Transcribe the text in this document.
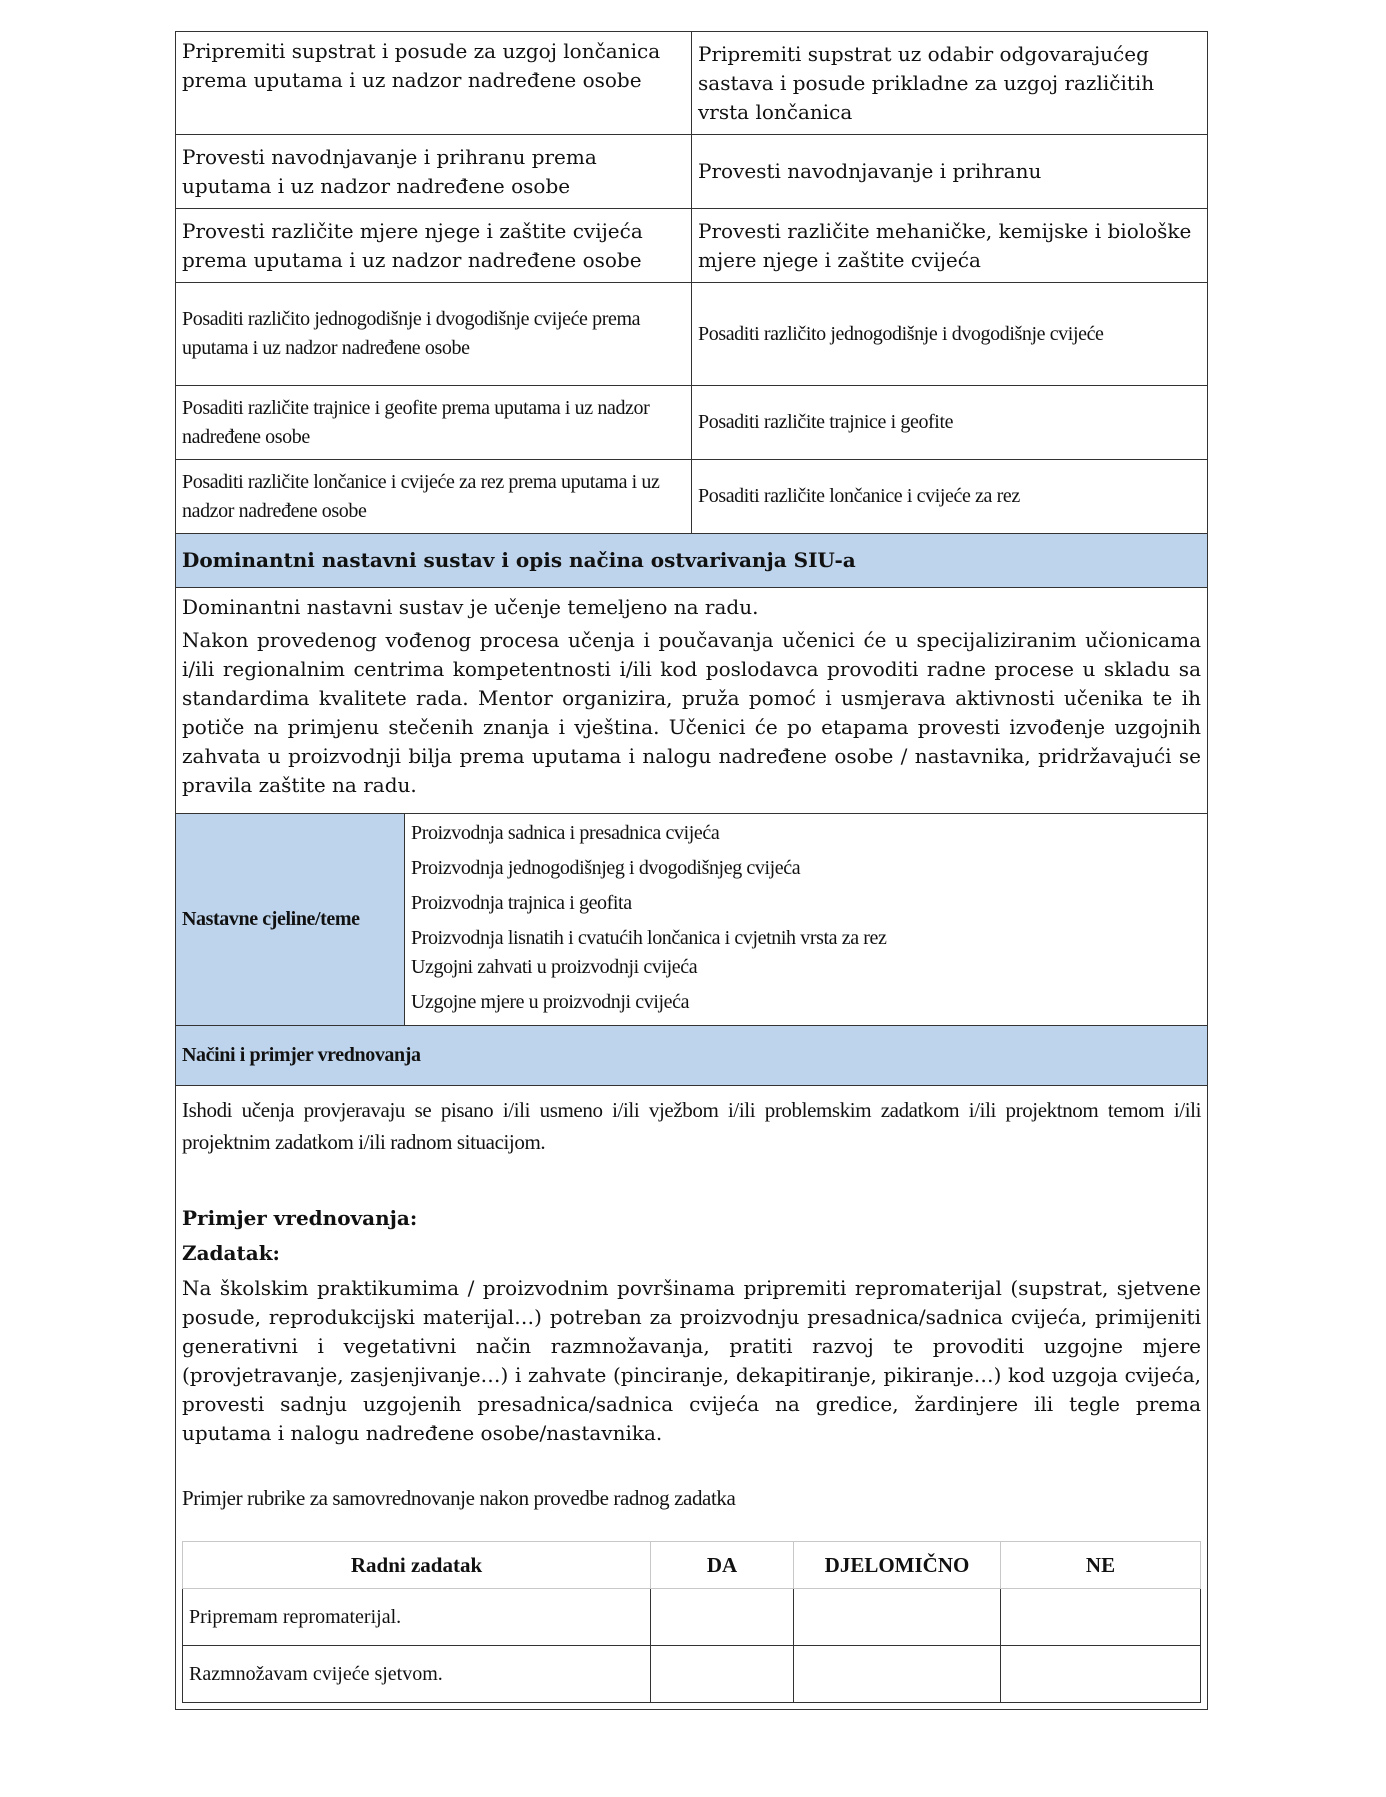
Pripremiti supstrat i posude za uzgoj lončanica prema uputama i uz nadzor nadređene osobe	Pripremiti supstrat uz odabir odgovarajućeg sastava i posude prikladne za uzgoj različitih vrsta lončanica
Provesti navodnjavanje i prihranu prema uputama i uz nadzor nadređene osobe	Provesti navodnjavanje i prihranu
Provesti različite mjere njege i zaštite cvijeća prema uputama i uz nadzor nadređene osobe	Provesti različite mehaničke, kemijske i biološke mjere njege i zaštite cvijeća
Posaditi različito jednogodišnje i dvogodišnje cvijeće prema uputama i uz nadzor nadređene osobe	Posaditi različito jednogodišnje i dvogodišnje cvijeće
Posaditi različite trajnice i geofite prema uputama i uz nadzor nadređene osobe	Posaditi različite trajnice i geofite
Posaditi različite lončanice i cvijeće za rez prema uputama i uz nadzor nadređene osobe	Posaditi različite lončanice i cvijeće za rez
Dominantni nastavni sustav i opis načina ostvarivanja SIU-a

Dominantni nastavni sustav je učenje temeljeno na radu.

Nakon provedenog vođenog procesa učenja i poučavanja učenici će u specijaliziranim učionicama i/ili regionalnim centrima kompetentnosti i/ili kod poslodavca provoditi radne procese u skladu sa standardima kvalitete rada. Mentor organizira, pruža pomoć i usmjerava aktivnosti učenika te ih potiče na primjenu stečenih znanja i vještina. Učenici će po etapama provesti izvođenje uzgojnih zahvata u proizvodnji bilja prema uputama i nalogu nadređene osobe / nastavnika, pridržavajući se pravila zaštite na radu.

Nastavne cjeline/teme	
Proizvodnja sadnica i presadnica cvijeća
Proizvodnja jednogodišnjeg i dvogodišnjeg cvijeća
Proizvodnja trajnica i geofita
Proizvodnja lisnatih i cvatućih lončanica i cvjetnih vrsta za rez
Uzgojni zahvati u proizvodnji cvijeća
Uzgojne mjere u proizvodnji cvijeća

Načini i primjer vrednovanja

Ishodi učenja provjeravaju se pisano i/ili usmeno i/ili vježbom i/ili problemskim zadatkom i/ili projektnom temom i/ili projektnim zadatkom i/ili radnom situacijom.

Primjer vrednovanja:

Zadatak:

Na školskim praktikumima / proizvodnim površinama pripremiti repromaterijal (supstrat, sjetvene posude, reprodukcijski materijal…) potreban za proizvodnju presadnica/sadnica cvijeća, primijeniti generativni i vegetativni način razmnožavanja, pratiti razvoj te provoditi uzgojne mjere (provjetravanje, zasjenjivanje…) i zahvate (pinciranje, dekapitiranje, pikiranje…) kod uzgoja cvijeća, provesti sadnju uzgojenih presadnica/sadnica cvijeća na gredice, žardinjere ili tegle prema uputama i nalogu nadređene osobe/nastavnika.

Primjer rubrike za samovrednovanje nakon provedbe radnog zadatka

Radni zadatak	DA	DJELOMIČNO	NE
Pripremam repromaterijal.			
Razmnožavam cvijeće sjetvom.			
